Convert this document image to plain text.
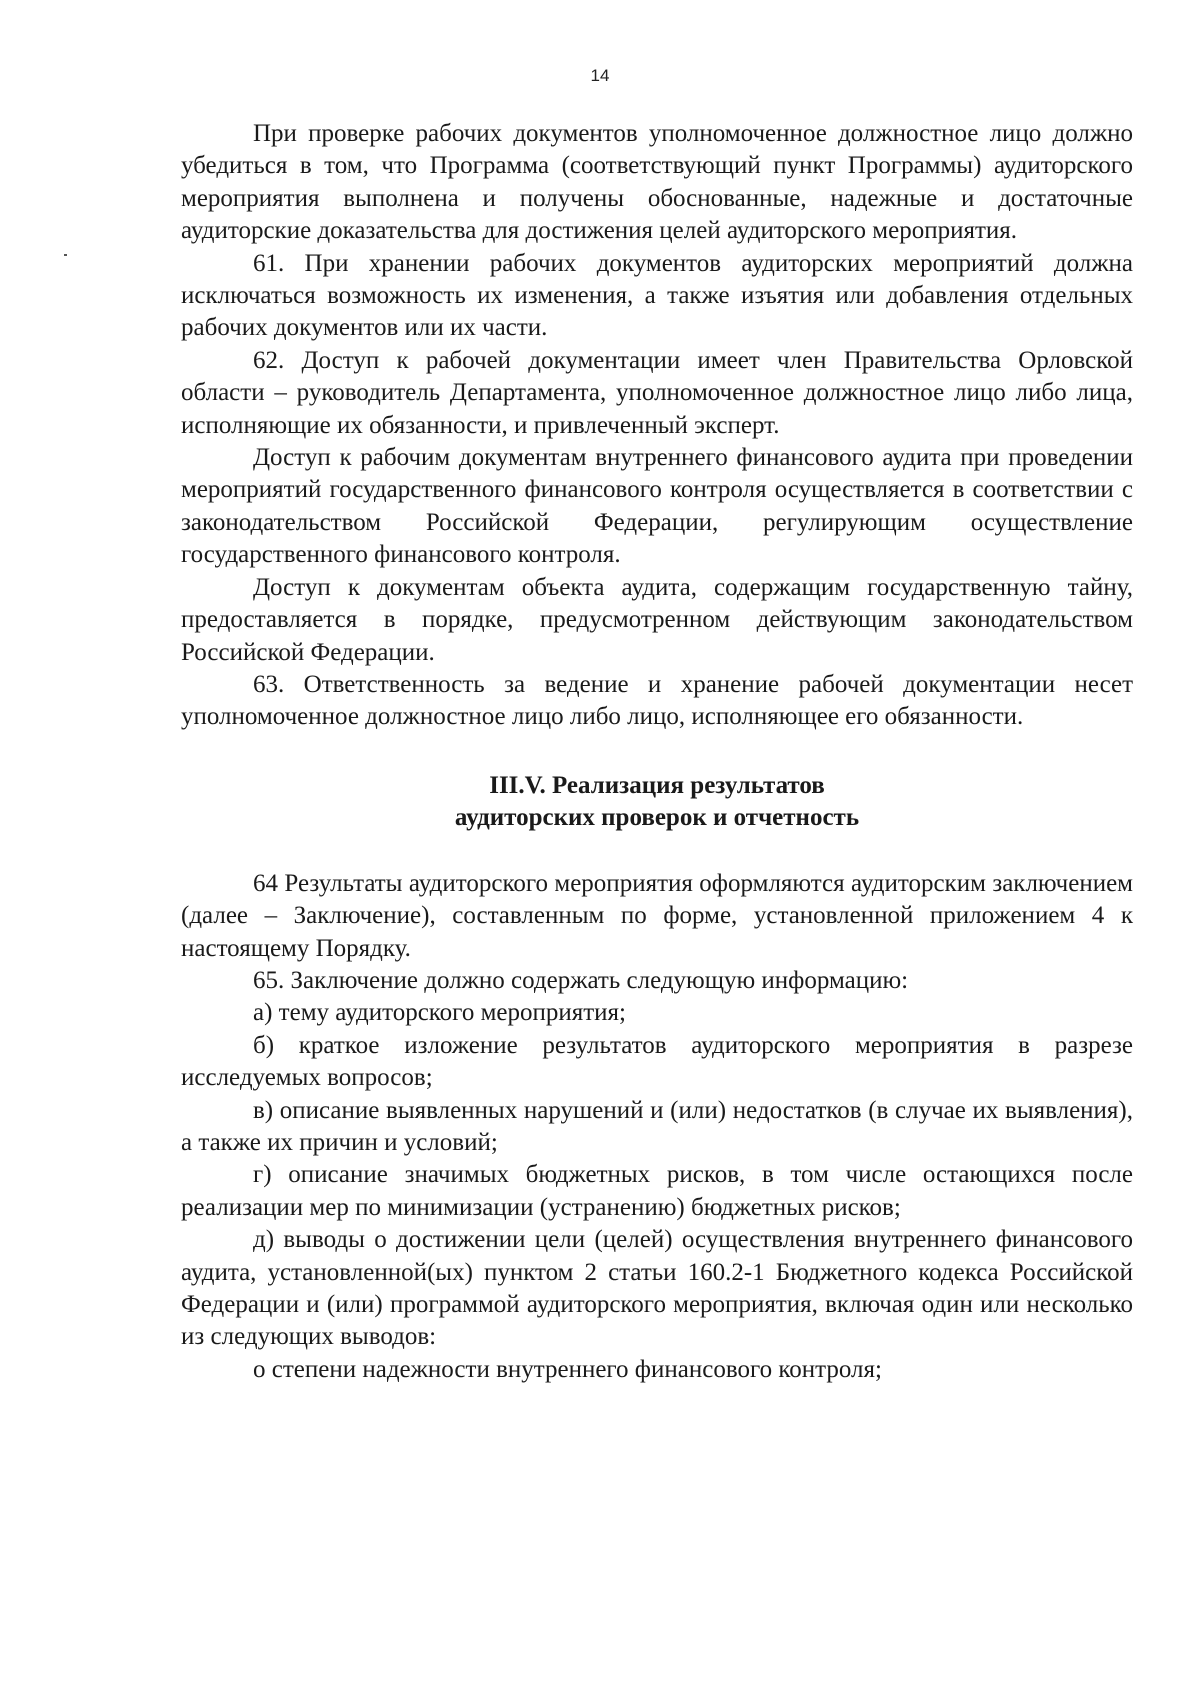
14

При проверке рабочих документов уполномоченное должностное лицо должно убедиться в том, что Программа (соответствующий пункт Программы) аудиторского мероприятия выполнена и получены обоснованные, надежные и достаточные аудиторские доказательства для достижения целей аудиторского мероприятия.

61. При хранении рабочих документов аудиторских мероприятий должна исключаться возможность их изменения, а также изъятия или добавления отдельных рабочих документов или их части.

62. Доступ к рабочей документации имеет член Правительства Орловской области – руководитель Департамента, уполномоченное должностное лицо либо лица, исполняющие их обязанности, и привлеченный эксперт.

Доступ к рабочим документам внутреннего финансового аудита при проведении мероприятий государственного финансового контроля осуществляется в соответствии с законодательством Российской Федерации, регулирующим осуществление государственного финансового контроля.

Доступ к документам объекта аудита, содержащим государственную тайну, предоставляется в порядке, предусмотренном действующим законодательством Российской Федерации.

63. Ответственность за ведение и хранение рабочей документации несет уполномоченное должностное лицо либо лицо, исполняющее его обязанности.

III.V. Реализация результатов
аудиторских проверок и отчетность

64 Результаты аудиторского мероприятия оформляются аудиторским заключением (далее – Заключение), составленным по форме, установленной приложением 4 к настоящему Порядку.

65. Заключение должно содержать следующую информацию:

а) тему аудиторского мероприятия;

б) краткое изложение результатов аудиторского мероприятия в разрезе исследуемых вопросов;

в) описание выявленных нарушений и (или) недостатков (в случае их выявления), а также их причин и условий;

г) описание значимых бюджетных рисков, в том числе остающихся после реализации мер по минимизации (устранению) бюджетных рисков;

д) выводы о достижении цели (целей) осуществления внутреннего финансового аудита, установленной(ых) пунктом 2 статьи 160.2-1 Бюджетного кодекса Российской Федерации и (или) программой аудиторского мероприятия, включая один или несколько из следующих выводов:

о степени надежности внутреннего финансового контроля;
